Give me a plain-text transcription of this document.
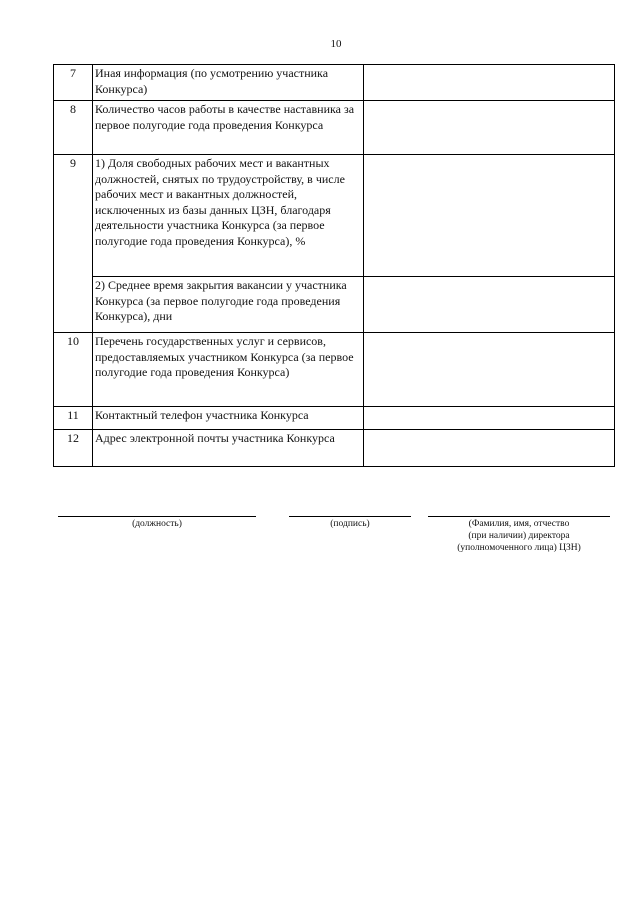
10
7	Иная информация (по усмотрению участника Конкурса)	
8	Количество часов работы в качестве наставника за первое полугодие года проведения Конкурса	
9	1) Доля свободных рабочих мест и вакантных должностей, снятых по трудоустройству, в числе рабочих мест и вакантных должностей, исключенных из базы данных ЦЗН, благодаря деятельности участника Конкурса (за первое полугодие года проведения Конкурса), %	
	2) Среднее время закрытия вакансии у участника Конкурса (за первое полугодие года проведения Конкурса), дни	
10	Перечень государственных услуг и сервисов, предоставляемых участником Конкурса (за первое полугодие года проведения Конкурса)	
11	Контактный телефон участника Конкурса	
12	Адрес электронной почты участника Конкурса	
(должность)	(подпись)	(Фамилия, имя, отчество
(при наличии) директора
(уполномоченного лица) ЦЗН)
